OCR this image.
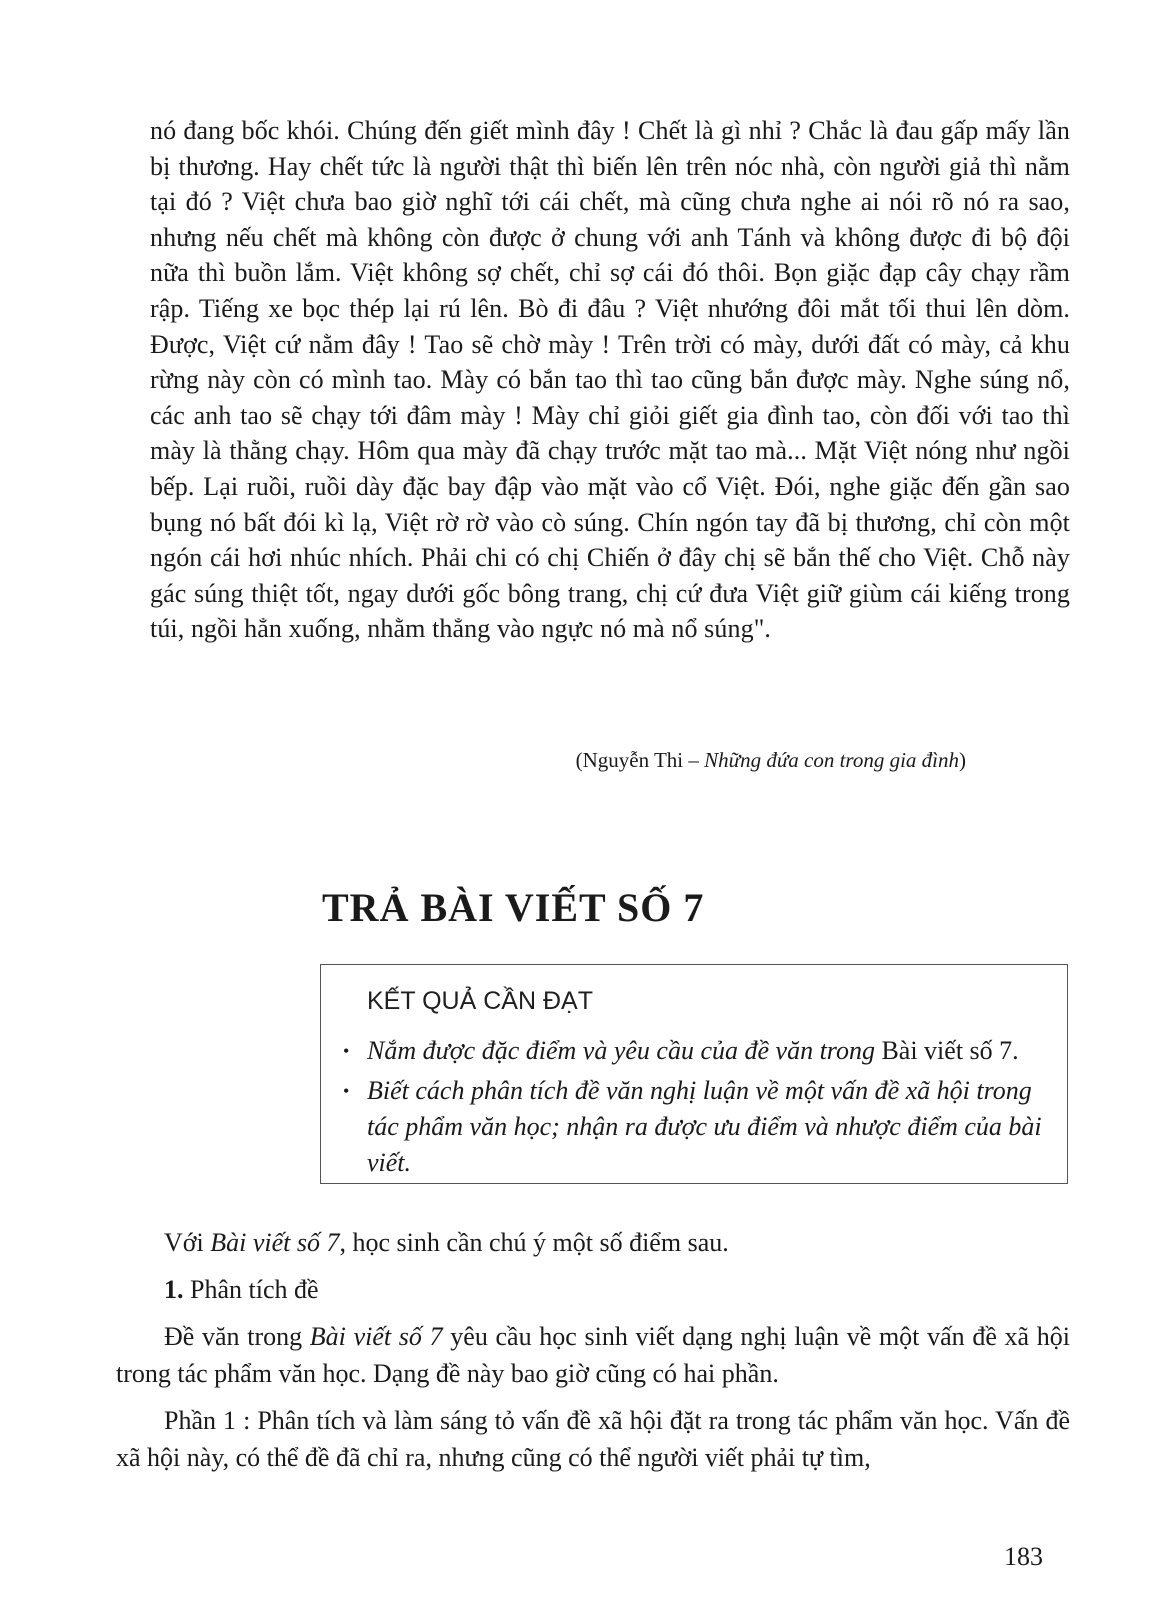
nó đang bốc khói. Chúng đến giết mình đây ! Chết là gì nhỉ ? Chắc là đau gấp mấy lần bị thương. Hay chết tức là người thật thì biến lên trên nóc nhà, còn người giả thì nằm tại đó ? Việt chưa bao giờ nghĩ tới cái chết, mà cũng chưa nghe ai nói rõ nó ra sao, nhưng nếu chết mà không còn được ở chung với anh Tánh và không được đi bộ đội nữa thì buồn lắm. Việt không sợ chết, chỉ sợ cái đó thôi. Bọn giặc đạp cây chạy rầm rập. Tiếng xe bọc thép lại rú lên. Bò đi đâu ? Việt nhướng đôi mắt tối thui lên dòm. Được, Việt cứ nằm đây ! Tao sẽ chờ mày ! Trên trời có mày, dưới đất có mày, cả khu rừng này còn có mình tao. Mày có bắn tao thì tao cũng bắn được mày. Nghe súng nổ, các anh tao sẽ chạy tới đâm mày ! Mày chỉ giỏi giết gia đình tao, còn đối với tao thì mày là thằng chạy. Hôm qua mày đã chạy trước mặt tao mà... Mặt Việt nóng như ngồi bếp. Lại ruồi, ruồi dày đặc bay đập vào mặt vào cổ Việt. Đói, nghe giặc đến gần sao bụng nó bất đói kì lạ, Việt rờ rờ vào cò súng. Chín ngón tay đã bị thương, chỉ còn một ngón cái hơi nhúc nhích. Phải chi có chị Chiến ở đây chị sẽ bắn thế cho Việt. Chỗ này gác súng thiệt tốt, ngay dưới gốc bông trang, chị cứ đưa Việt giữ giùm cái kiếng trong túi, ngồi hẳn xuống, nhằm thẳng vào ngực nó mà nổ súng".

(Nguyễn Thi – Những đứa con trong gia đình)
TRẢ BÀI VIẾT SỐ 7
KẾT QUẢ CẦN ĐẠT
• Nắm được đặc điểm và yêu cầu của đề văn trong Bài viết số 7.
• Biết cách phân tích đề văn nghị luận về một vấn đề xã hội trong tác phẩm văn học; nhận ra được ưu điểm và nhược điểm của bài viết.

Với Bài viết số 7, học sinh cần chú ý một số điểm sau.

1. Phân tích đề

Đề văn trong Bài viết số 7 yêu cầu học sinh viết dạng nghị luận về một vấn đề xã hội trong tác phẩm văn học. Dạng đề này bao giờ cũng có hai phần.

Phần 1 : Phân tích và làm sáng tỏ vấn đề xã hội đặt ra trong tác phẩm văn học. Vấn đề xã hội này, có thể đề đã chỉ ra, nhưng cũng có thể người viết phải tự tìm,

183
